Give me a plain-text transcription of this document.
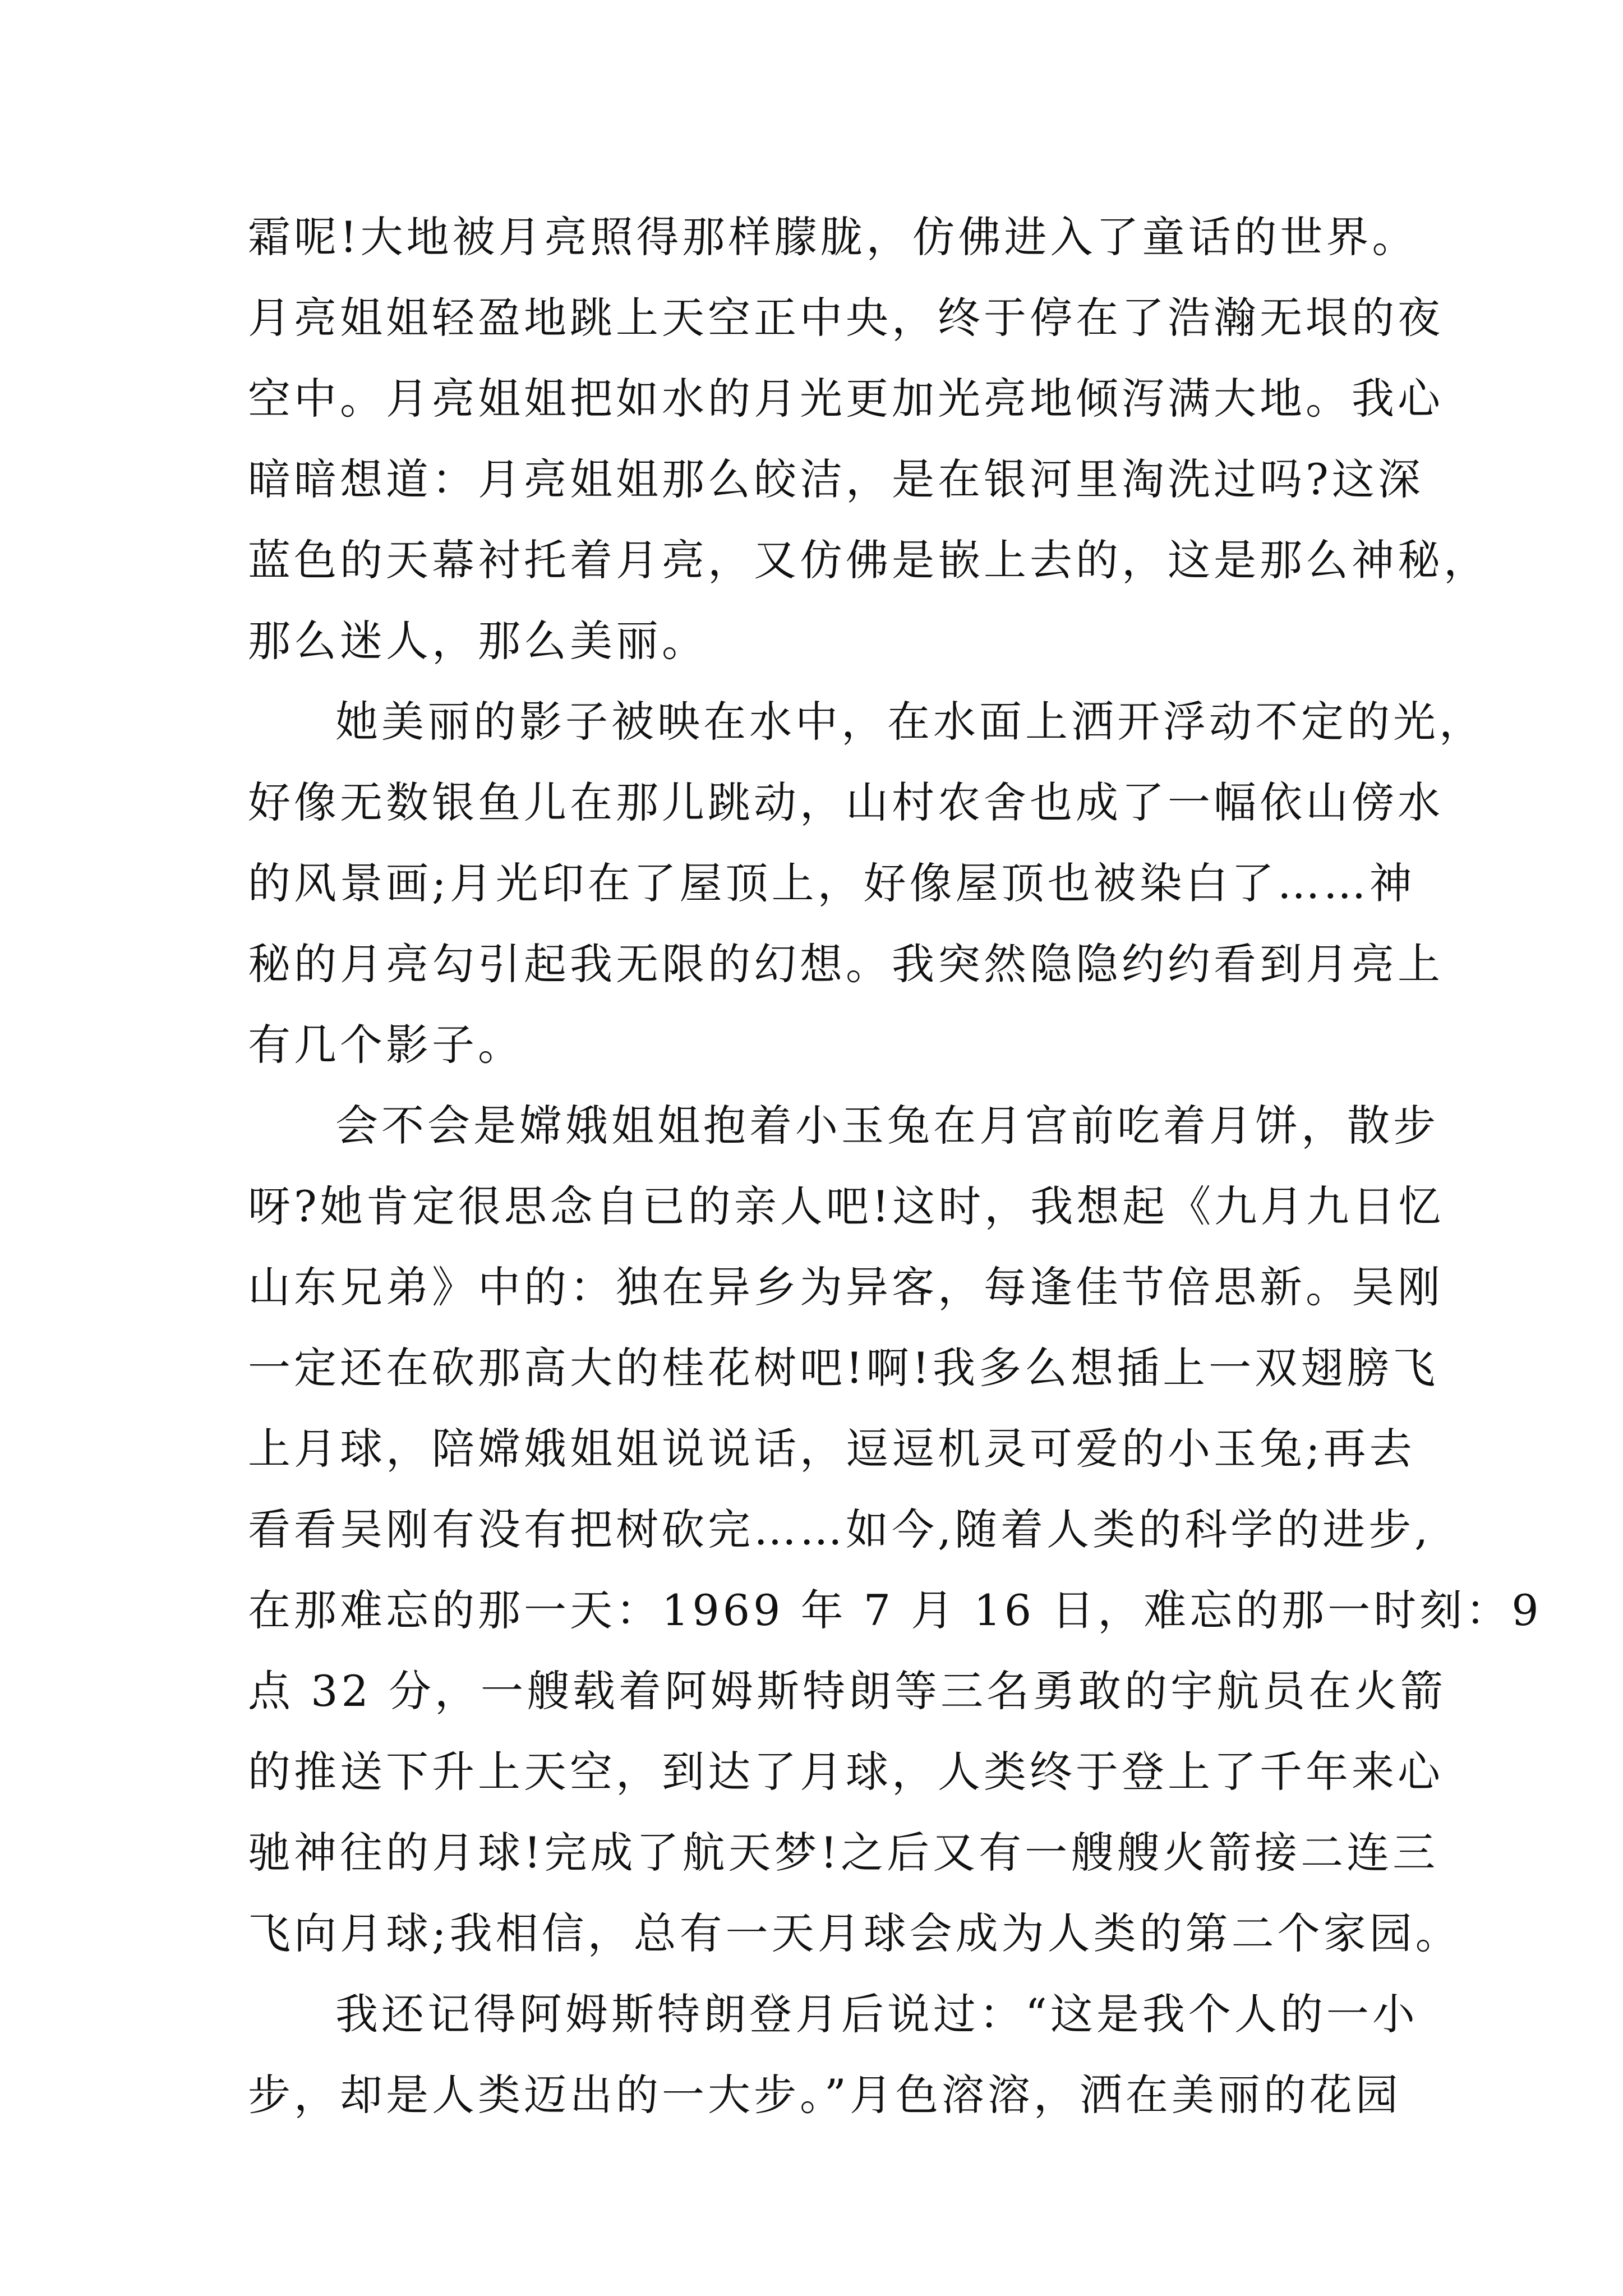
霜呢!大地被月亮照得那样朦胧，仿佛进入了童话的世界。
月亮姐姐轻盈地跳上天空正中央，终于停在了浩瀚无垠的夜
空中。月亮姐姐把如水的月光更加光亮地倾泻满大地。我心
暗暗想道：月亮姐姐那么皎洁，是在银河里淘洗过吗?这深
蓝色的天幕衬托着月亮，又仿佛是嵌上去的，这是那么神秘，
那么迷人，那么美丽。
她美丽的影子被映在水中，在水面上洒开浮动不定的光，
好像无数银鱼儿在那儿跳动，山村农舍也成了一幅依山傍水
的风景画;月光印在了屋顶上，好像屋顶也被染白了……神
秘的月亮勾引起我无限的幻想。我突然隐隐约约看到月亮上
有几个影子。
会不会是嫦娥姐姐抱着小玉兔在月宫前吃着月饼，散步
呀?她肯定很思念自已的亲人吧!这时，我想起《九月九日忆
山东兄弟》中的：独在异乡为异客，每逢佳节倍思新。吴刚
一定还在砍那高大的桂花树吧!啊!我多么想插上一双翅膀飞
上月球，陪嫦娥姐姐说说话，逗逗机灵可爱的小玉兔;再去
看看吴刚有没有把树砍完……如今,随着人类的科学的进步,
在那难忘的那一天：1969 年 7 月 16 日，难忘的那一时刻：9
点 32 分，一艘载着阿姆斯特朗等三名勇敢的宇航员在火箭
的推送下升上天空，到达了月球，人类终于登上了千年来心
驰神往的月球!完成了航天梦!之后又有一艘艘火箭接二连三
飞向月球;我相信，总有一天月球会成为人类的第二个家园。
我还记得阿姆斯特朗登月后说过：“这是我个人的一小
步，却是人类迈出的一大步。”月色溶溶，洒在美丽的花园
